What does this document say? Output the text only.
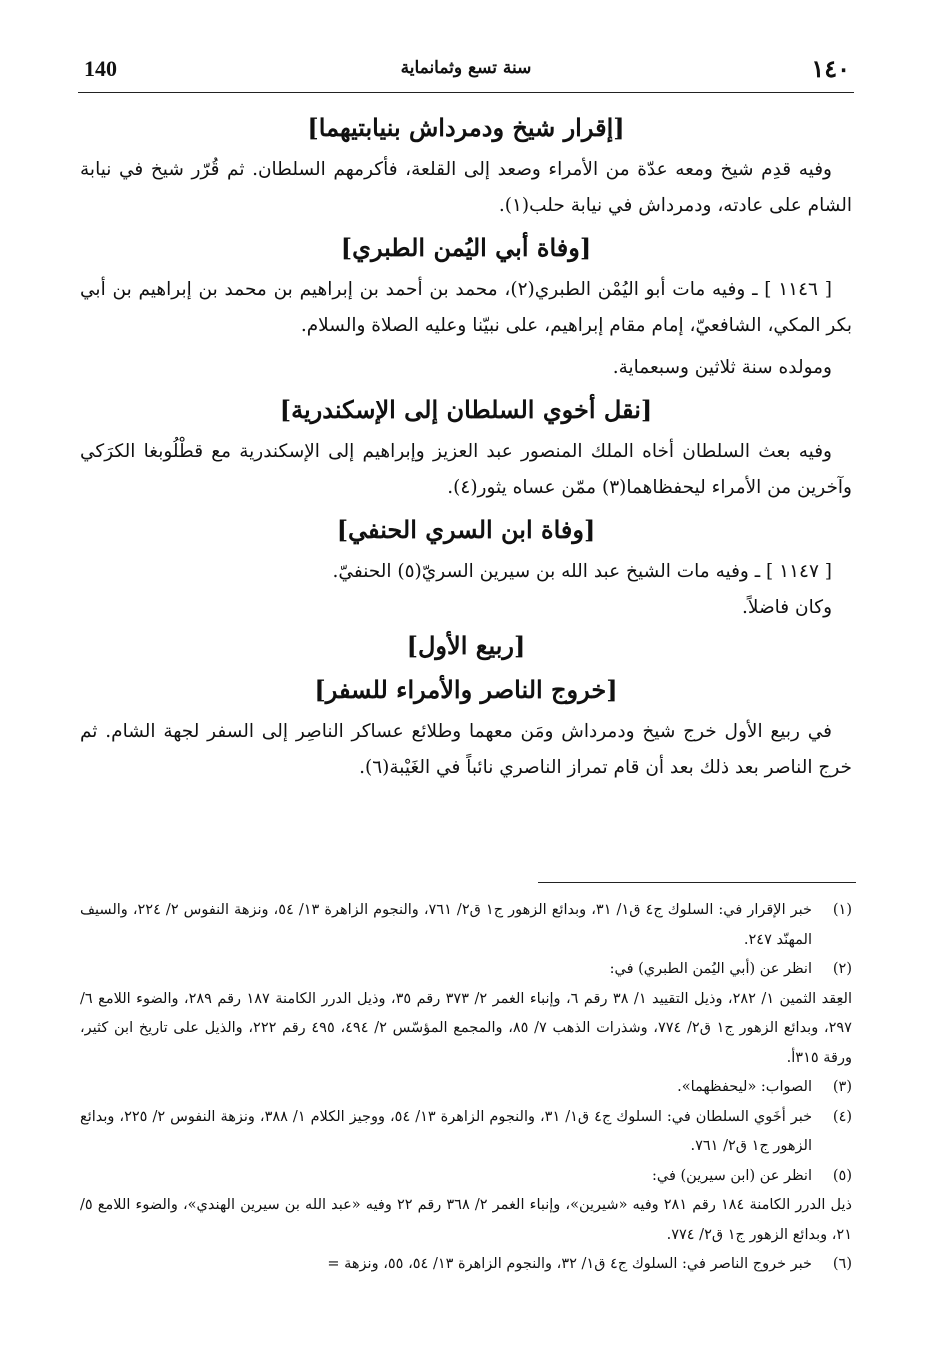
140	سنة تسع وثمانماية	١٤٠
[إقرار شيخ ودمرداش بنيابتيهما]

وفيه قدِم شيخ ومعه عدّة من الأمراء وصعد إلى القلعة، فأكرمهم السلطان. ثم قُرّر شيخ في نيابة الشام على عادته، ودمرداش في نيابة حلب(١).

[وفاة أبي اليُمن الطبري]

[ ١١٤٦ ] ـ وفيه مات أبو اليُمْن الطبري(٢)، محمد بن أحمد بن إبراهيم بن محمد بن إبراهيم بن أبي بكر المكي، الشافعيّ، إمام مقام إبراهيم، على نبيّنا وعليه الصلاة والسلام.

ومولده سنة ثلاثين وسبعماية.

[نقل أخوي السلطان إلى الإسكندرية]

وفيه بعث السلطان أخاه الملك المنصور عبد العزيز وإبراهيم إلى الإسكندرية مع قطْلُوبغا الكرَكي وآخرين من الأمراء ليحفظاهما(٣) ممّن عساه يثور(٤).

[وفاة ابن السري الحنفي]

[ ١١٤٧ ] ـ وفيه مات الشيخ عبد الله بن سيرين السريّ(٥) الحنفيّ.

وكان فاضلاً.

[ربيع الأول]
[خروج الناصر والأمراء للسفر]

في ربيع الأول خرج شيخ ودمرداش ومَن معهما وطلائع عساكر الناصِر إلى السفر لجهة الشام. ثم خرج الناصر بعد ذلك بعد أن قام تمراز الناصري نائباً في الغَيْبة(٦).

(١)خبر الإقرار في: السلوك ج٤ ق١/ ٣١، وبدائع الزهور ج١ ق٢/ ٧٦١، والنجوم الزاهرة ١٣/ ٥٤، ونزهة النفوس ٢/ ٢٢٤، والسيف المهنّد ٢٤٧.

(٢)انظر عن (أبي اليُمن الطبري) في:
العِقد الثمين ١/ ٢٨٢، وذيل التقييد ١/ ٣٨ رقم ٦، وإنباء الغمر ٢/ ٣٧٣ رقم ٣٥، وذيل الدرر الكامنة ١٨٧ رقم ٢٨٩، والضوء اللامع ٦/ ٢٩٧، وبدائع الزهور ج١ ق٢/ ٧٧٤، وشذرات الذهب ٧/ ٨٥، والمجمع المؤسّس ٢/ ٤٩٤، ٤٩٥ رقم ٢٢٢، والذيل على تاريخ ابن كثير، ورقة ٣١٥أ.

(٣)الصواب: «ليحفظهما».

(٤)خبر أخَوي السلطان في: السلوك ج٤ ق١/ ٣١، والنجوم الزاهرة ١٣/ ٥٤، ووجيز الكلام ١/ ٣٨٨، ونزهة النفوس ٢/ ٢٢٥، وبدائع الزهور ج١ ق٢/ ٧٦١.

(٥)انظر عن (ابن سيرين) في:
ذيل الدرر الكامنة ١٨٤ رقم ٢٨١ وفيه «شيرين»، وإنباء الغمر ٢/ ٣٦٨ رقم ٢٢ وفيه «عبد الله بن سيرين الهندي»، والضوء اللامع ٥/ ٢١، وبدائع الزهور ج١ ق٢/ ٧٧٤.

(٦)خبر خروج الناصر في: السلوك ج٤ ق١/ ٣٢، والنجوم الزاهرة ١٣/ ٥٤، ٥٥، ونزهة =
